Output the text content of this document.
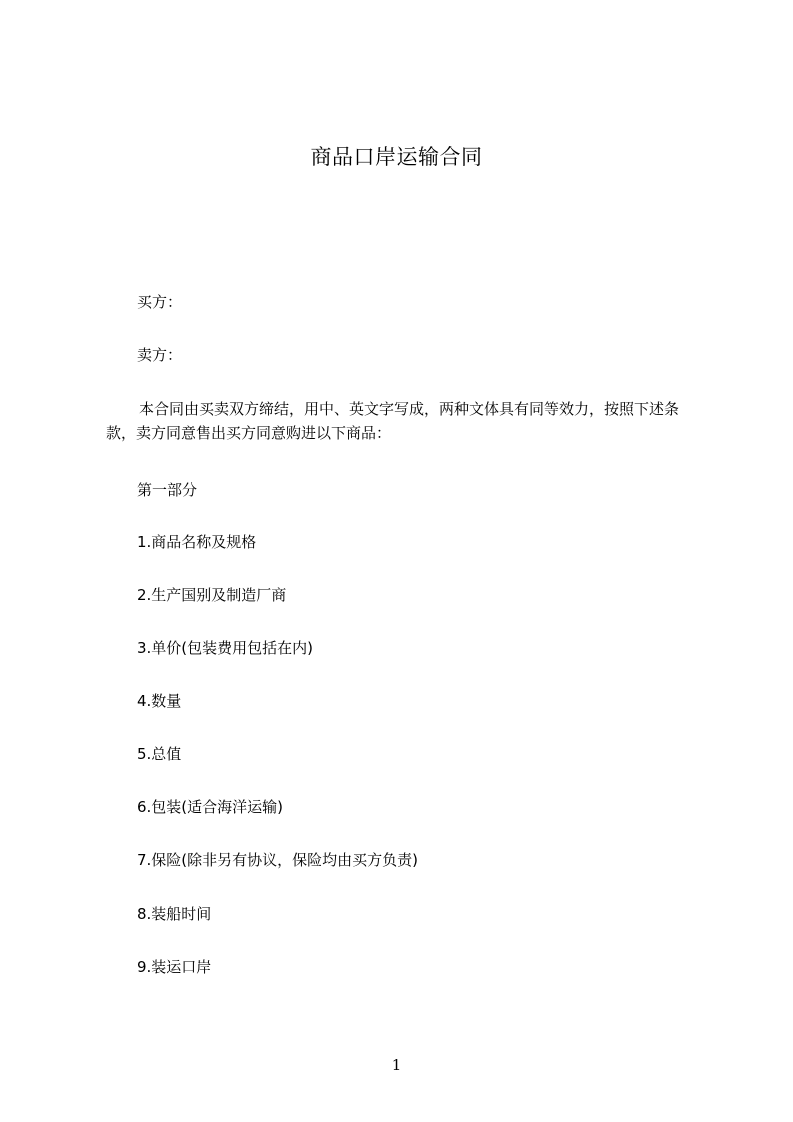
商品口岸运输合同
买方：
卖方：
本合同由买卖双方缔结，用中、英文字写成，两种文体具有同等效力，按照下述条款，卖方同意售出买方同意购进以下商品：
第一部分
1.商品名称及规格
2.生产国别及制造厂商
3.单价(包装费用包括在内)
4.数量
5.总值
6.包装(适合海洋运输)
7.保险(除非另有协议，保险均由买方负责)
8.装船时间
9.装运口岸
1
